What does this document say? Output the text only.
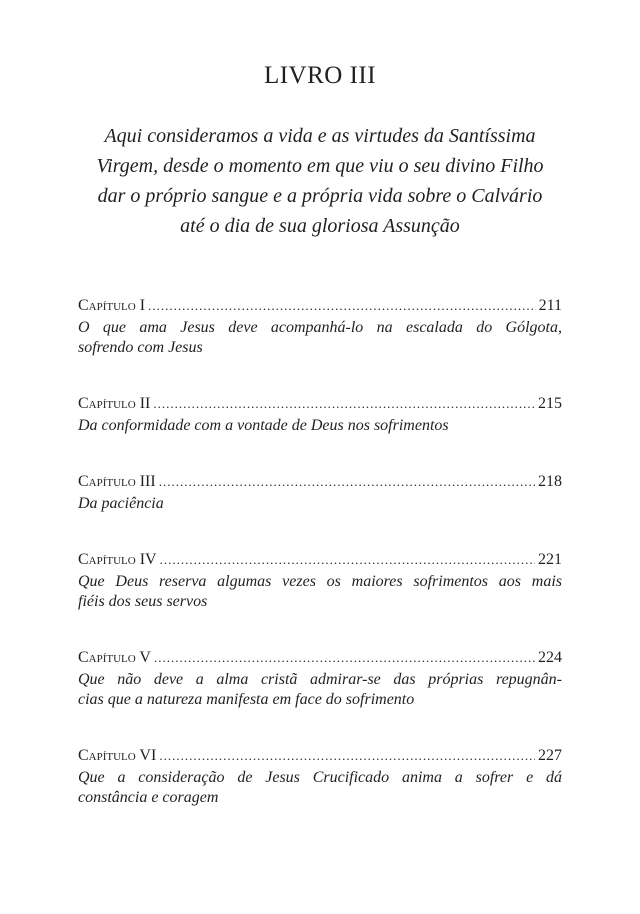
LIVRO III
Aqui consideramos a vida e as virtudes da Santíssima
Virgem, desde o momento em que viu o seu divino Filho
dar o próprio sangue e a própria vida sobre o Calvário
até o dia de sua gloriosa Assunção
Capítulo I .....	211
O que ama Jesus deve acompanhá-lo na escalada do Gólgota,
sofrendo com Jesus
Capítulo II .....	215
Da conformidade com a vontade de Deus nos sofrimentos
Capítulo III .....	218
Da paciência
Capítulo IV .....	221
Que Deus reserva algumas vezes os maiores sofrimentos aos mais
fiéis dos seus servos
Capítulo V .....	224
Que não deve a alma cristã admirar-se das próprias repugnân-
cias que a natureza manifesta em face do sofrimento
Capítulo VI .....	227
Que a consideração de Jesus Crucificado anima a sofrer e dá
constância e coragem
